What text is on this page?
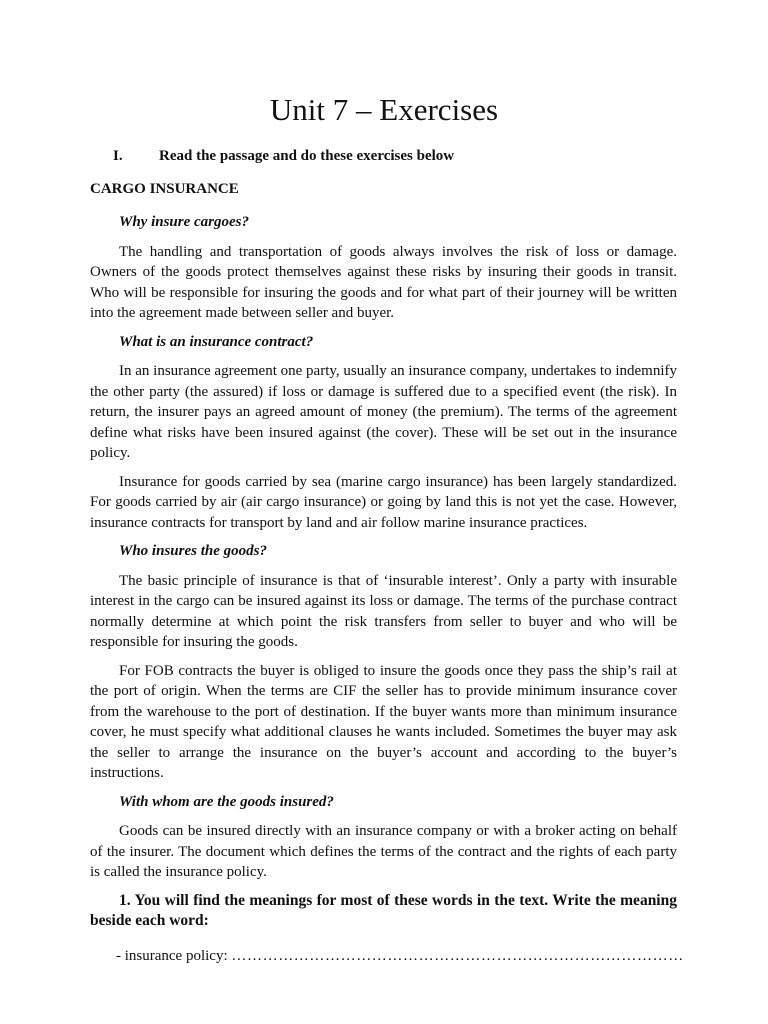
Unit 7 – Exercises
I. Read the passage and do these exercises below
CARGO INSURANCE

Why insure cargoes?

The handling and transportation of goods always involves the risk of loss or damage. Owners of the goods protect themselves against these risks by insuring their goods in transit. Who will be responsible for insuring the goods and for what part of their journey will be written into the agreement made between seller and buyer.

What is an insurance contract?

In an insurance agreement one party, usually an insurance company, undertakes to indemnify the other party (the assured) if loss or damage is suffered due to a specified event (the risk). In return, the insurer pays an agreed amount of money (the premium). The terms of the agreement define what risks have been insured against (the cover). These will be set out in the insurance policy.

Insurance for goods carried by sea (marine cargo insurance) has been largely standardized. For goods carried by air (air cargo insurance) or going by land this is not yet the case. However, insurance contracts for transport by land and air follow marine insurance practices.

Who insures the goods?

The basic principle of insurance is that of ‘insurable interest’. Only a party with insurable interest in the cargo can be insured against its loss or damage. The terms of the purchase contract normally determine at which point the risk transfers from seller to buyer and who will be responsible for insuring the goods.

For FOB contracts the buyer is obliged to insure the goods once they pass the ship’s rail at the port of origin. When the terms are CIF the seller has to provide minimum insurance cover from the warehouse to the port of destination. If the buyer wants more than minimum insurance cover, he must specify what additional clauses he wants included. Sometimes the buyer may ask the seller to arrange the insurance on the buyer’s account and according to the buyer’s instructions.

With whom are the goods insured?

Goods can be insured directly with an insurance company or with a broker acting on behalf of the insurer. The document which defines the terms of the contract and the rights of each party is called the insurance policy.

1. You will find the meanings for most of these words in the text. Write the meaning beside each word:

- insurance policy: ……………………………………………………………………………
